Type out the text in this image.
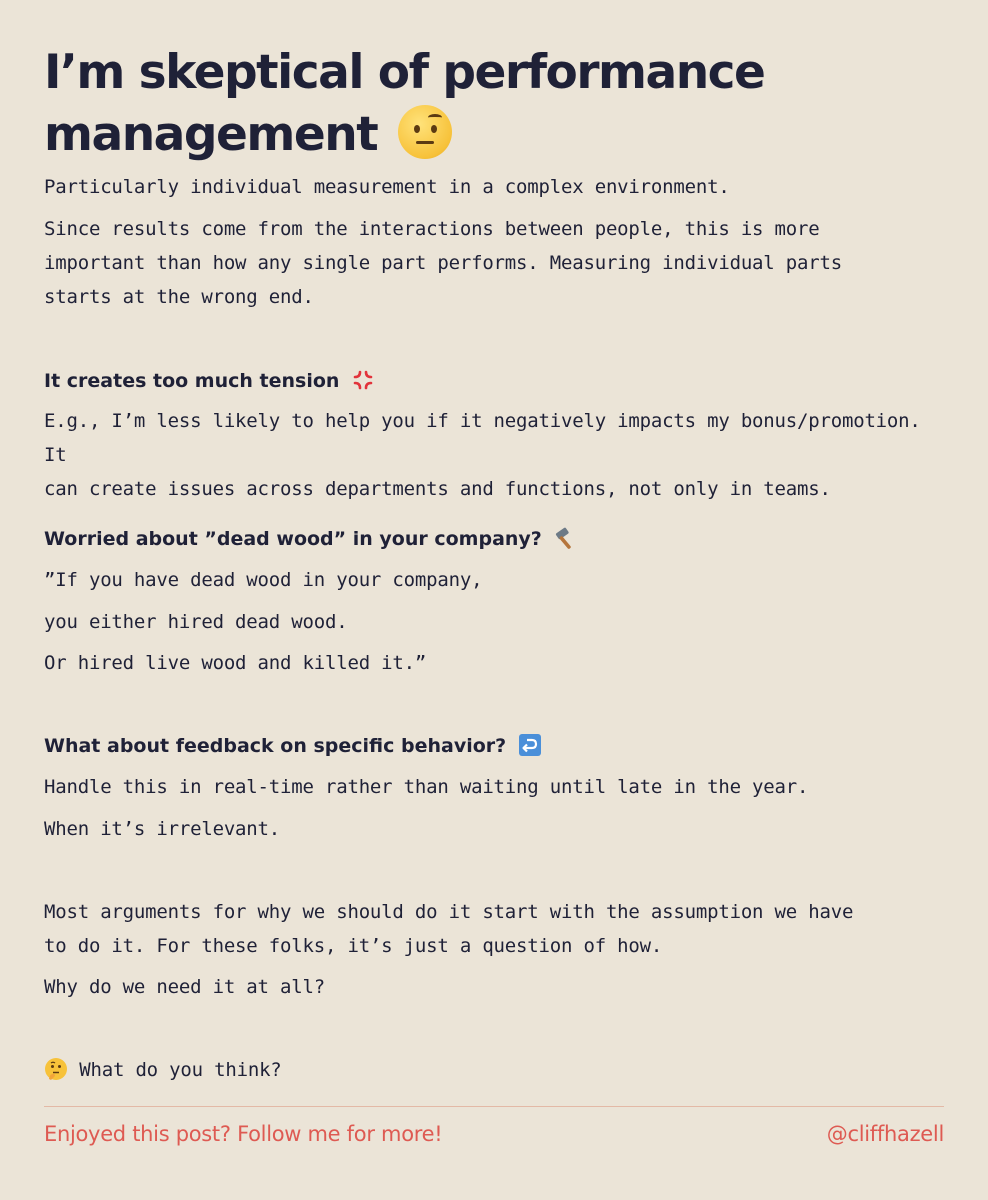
I’m skeptical of performance
management
Particularly individual measurement in a complex environment.
Since results come from the interactions between people, this is more
important than how any single part performs. Measuring individual parts
starts at the wrong end.
It creates too much tension
E.g., I’m less likely to help you if it negatively impacts my bonus/promotion. It
can create issues across departments and functions, not only in teams.
Worried about ”dead wood” in your company?
”If you have dead wood in your company,
you either hired dead wood.
Or hired live wood and killed it.”
What about feedback on specific behavior?
Handle this in real-time rather than waiting until late in the year.
When it’s irrelevant.
Most arguments for why we should do it start with the assumption we have
to do it. For these folks, it’s just a question of how.
Why do we need it at all?
What do you think?
Enjoyed this post? Follow me for more!	@cliffhazell
